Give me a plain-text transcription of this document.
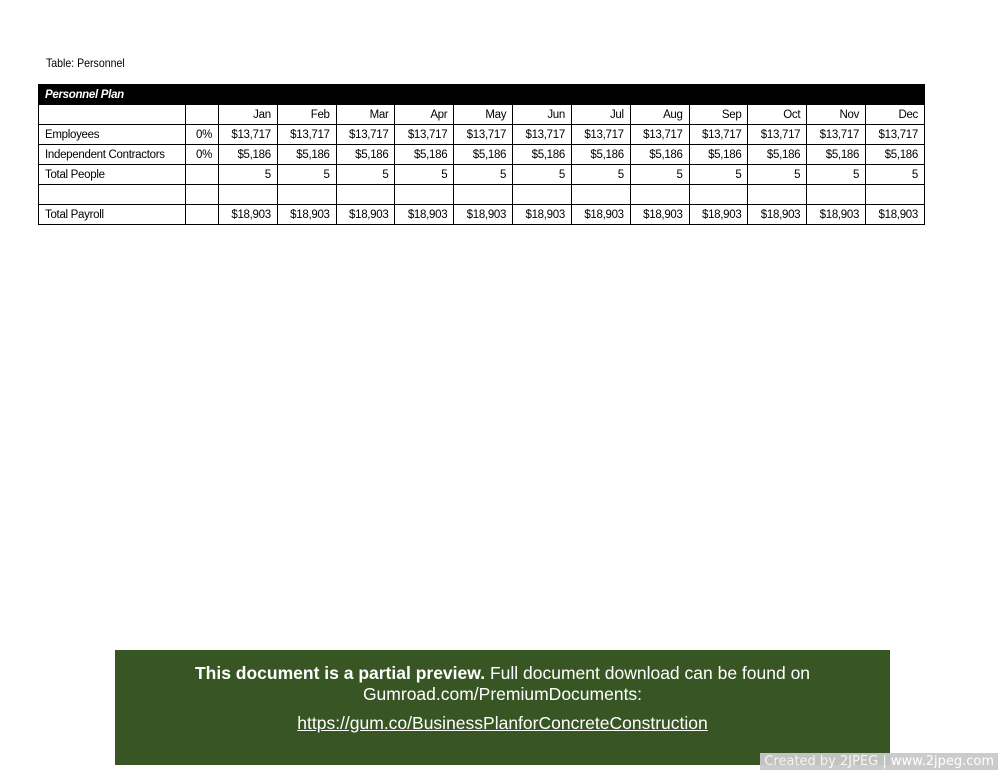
Table: Personnel
Personnel Plan													
		Jan	Feb	Mar	Apr	May	Jun	Jul	Aug	Sep	Oct	Nov	Dec
Employees	0%	$13,717	$13,717	$13,717	$13,717	$13,717	$13,717	$13,717	$13,717	$13,717	$13,717	$13,717	$13,717
Independent Contractors	0%	$5,186	$5,186	$5,186	$5,186	$5,186	$5,186	$5,186	$5,186	$5,186	$5,186	$5,186	$5,186
Total People		5	5	5	5	5	5	5	5	5	5	5	5

Total Payroll		$18,903	$18,903	$18,903	$18,903	$18,903	$18,903	$18,903	$18,903	$18,903	$18,903	$18,903	$18,903
This document is a partial preview. Full document download can be found on Gumroad.com/PremiumDocuments:
https://gum.co/BusinessPlanforConcreteConstruction
Created by 2JPEG | www.2jpeg.com
